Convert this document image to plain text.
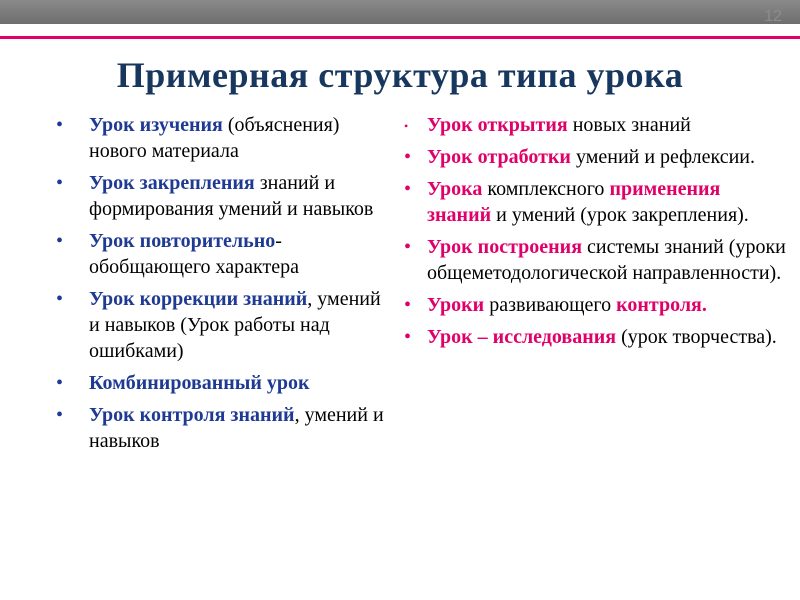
12
Примерная структура типа урока
• Урок изучения (объяснения) нового материала
• Урок закрепления знаний и формирования умений и навыков
• Урок повторительно-обобщающего характера
• Урок коррекции знаний, умений и навыков (Урок работы над ошибками)
• Комбинированный урок
• Урок контроля знаний, умений и навыков
• Урок открытия новых знаний
• Урок отработки умений и рефлексии.
• Урока комплексного применения знаний и умений (урок закрепления).
• Урок построения системы знаний (уроки общеметодологической направленности).
• Уроки развивающего контроля.
• Урок – исследования (урок творчества).
